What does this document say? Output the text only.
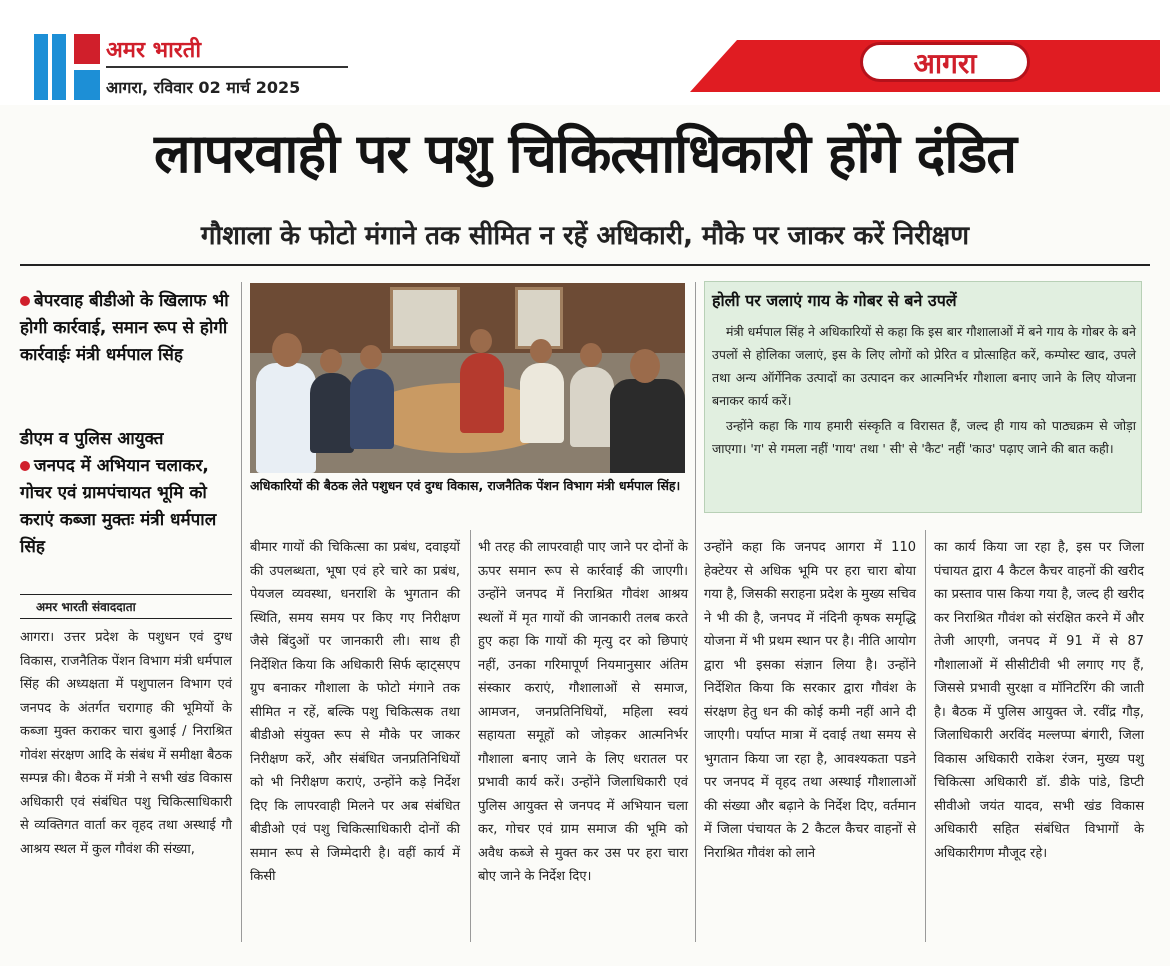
अमर भारती
आगरा, रविवार 02 मार्च 2025
आगरा
लापरवाही पर पशु चिकित्साधिकारी होंगे दंडित
गौशाला के फोटो मंगाने तक सीमित न रहें अधिकारी, मौके पर जाकर करें निरीक्षण
बेपरवाह बीडीओ के खिलाफ भी होगी कार्रवाई, समान रूप से होगी कार्रवाईः मंत्री धर्मपाल सिंह
डीएम व पुलिस आयुक्त
जनपद में अभियान चलाकर, गोचर एवं ग्रामपंचायत भूमि को कराएं कब्जा मुक्तः मंत्री धर्मपाल सिंह
अमर भारती संवाददाता
अधिकारियों की बैठक लेते पशुधन एवं दुग्ध विकास, राजनैतिक पेंशन विभाग मंत्री धर्मपाल सिंह।
होली पर जलाएं गाय के गोबर से बने उपलें
मंत्री धर्मपाल सिंह ने अधिकारियों से कहा कि इस बार गौशालाओं में बने गाय के गोबर के बने उपलों से होलिका जलाएं, इस के लिए लोगों को प्रेरित व प्रोत्साहित करें, कम्पोस्ट खाद, उपले तथा अन्य ऑर्गेनिक उत्पादों का उत्पादन कर आत्मनिर्भर गौशाला बनाए जाने के लिए योजना बनाकर कार्य करें।
उन्होंने कहा कि गाय हमारी संस्कृति व विरासत हैं, जल्द ही गाय को पाठ्यक्रम से जोड़ा जाएगा। 'ग' से गमला नहीं 'गाय' तथा ' सी' से 'कैट' नहीं 'काउ' पढ़ाए जाने की बात कही।
आगरा। उत्तर प्रदेश के पशुधन एवं दुग्ध विकास, राजनैतिक पेंशन विभाग मंत्री धर्मपाल सिंह की अध्यक्षता में पशुपालन विभाग एवं जनपद के अंतर्गत चरागाह की भूमियों के कब्जा मुक्त कराकर चारा बुआई / निराश्रित गोवंश संरक्षण आदि के संबंध में समीक्षा बैठक सम्पन्न की। बैठक में मंत्री ने सभी खंड विकास अधिकारी एवं संबंधित पशु चिकित्साधिकारी से व्यक्तिगत वार्ता कर वृहद तथा अस्थाई गौ आश्रय स्थल में कुल गौवंश की संख्या,
बीमार गायों की चिकित्सा का प्रबंध, दवाइयों की उपलब्धता, भूषा एवं हरे चारे का प्रबंध, पेयजल व्यवस्था, धनराशि के भुगतान की स्थिति, समय समय पर किए गए निरीक्षण जैसे बिंदुओं पर जानकारी ली। साथ ही निर्देशित किया कि अधिकारी सिर्फ व्हाट्सएप ग्रुप बनाकर गौशाला के फोटो मंगाने तक सीमित न रहें, बल्कि पशु चिकित्सक तथा बीडीओ संयुक्त रूप से मौके पर जाकर निरीक्षण करें, और संबंधित जनप्रतिनिधियों को भी निरीक्षण कराएं, उन्होंने कड़े निर्देश दिए कि लापरवाही मिलने पर अब संबंधित बीडीओ एवं पशु चिकित्साधिकारी दोनों की समान रूप से जिम्मेदारी है। वहीं कार्य में किसी
भी तरह की लापरवाही पाए जाने पर दोनों के ऊपर समान रूप से कार्रवाई की जाएगी। उन्होंने जनपद में निराश्रित गौवंश आश्रय स्थलों में मृत गायों की जानकारी तलब करते हुए कहा कि गायों की मृत्यु दर को छिपाएं नहीं, उनका गरिमापूर्ण नियमानुसार अंतिम संस्कार कराएं, गौशालाओं से समाज, आमजन, जनप्रतिनिधियों, महिला स्वयं सहायता समूहों को जोड़कर आत्मनिर्भर गौशाला बनाए जाने के लिए धरातल पर प्रभावी कार्य करें। उन्होंने जिलाधिकारी एवं पुलिस आयुक्त से जनपद में अभियान चला कर, गोचर एवं ग्राम समाज की भूमि को अवैध कब्जे से मुक्त कर उस पर हरा चारा बोए जाने के निर्देश दिए।
उन्होंने कहा कि जनपद आगरा में 110 हेक्टेयर से अधिक भूमि पर हरा चारा बोया गया है, जिसकी सराहना प्रदेश के मुख्य सचिव ने भी की है, जनपद में नंदिनी कृषक समृद्धि योजना में भी प्रथम स्थान पर है। नीति आयोग द्वारा भी इसका संज्ञान लिया है। उन्होंने निर्देशित किया कि सरकार द्वारा गौवंश के संरक्षण हेतु धन की कोई कमी नहीं आने दी जाएगी। पर्याप्त मात्रा में दवाई तथा समय से भुगतान किया जा रहा है, आवश्यकता पडने पर जनपद में वृहद तथा अस्थाई गौशालाओं की संख्या और बढ़ाने के निर्देश दिए, वर्तमान में जिला पंचायत के 2 कैटल कैचर वाहनों से निराश्रित गौवंश को लाने
का कार्य किया जा रहा है, इस पर जिला पंचायत द्वारा 4 कैटल कैचर वाहनों की खरीद का प्रस्ताव पास किया गया है, जल्द ही खरीद कर निराश्रित गौवंश को संरक्षित करने में और तेजी आएगी, जनपद में 91 में से 87 गौशालाओं में सीसीटीवी भी लगाए गए हैं, जिससे प्रभावी सुरक्षा व मॉनिटरिंग की जाती है। बैठक में पुलिस आयुक्त जे. रवींद्र गौड़, जिलाधिकारी अरविंद मल्लप्पा बंगारी, जिला विकास अधिकारी राकेश रंजन, मुख्य पशु चिकित्सा अधिकारी डॉ. डीके पांडे, डिप्टी सीवीओ जयंत यादव, सभी खंड विकास अधिकारी सहित संबंधित विभागों के अधिकारीगण मौजूद रहे।
